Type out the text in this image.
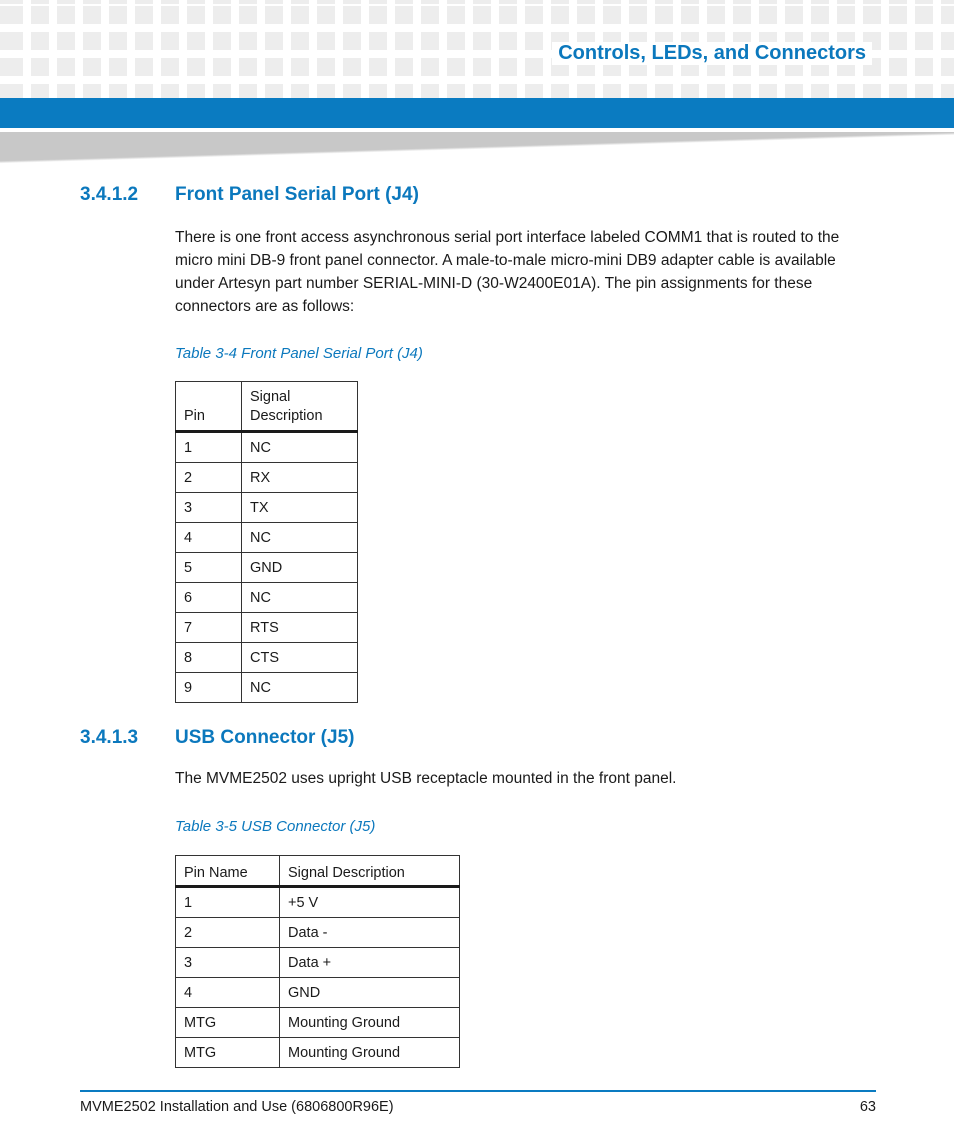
Controls, LEDs, and Connectors
3.4.1.2 Front Panel Serial Port (J4)

There is one front access asynchronous serial port interface labeled COMM1 that is routed to the micro mini DB-9 front panel connector. A male-to-male micro-mini DB9 adapter cable is available under Artesyn part number SERIAL-MINI-D (30-W2400E01A). The pin assignments for these connectors are as follows:

Table 3-4 Front Panel Serial Port (J4)
Pin	Signal Description

1	NC
2	RX
3	TX
4	NC
5	GND
6	NC
7	RTS
8	CTS
9	NC
3.4.1.3 USB Connector (J5)

The MVME2502 uses upright USB receptacle mounted in the front panel.

Table 3-5 USB Connector (J5)
Pin Name	Signal Description
1	+5 V
2	Data -
3	Data +
4	GND
MTG	Mounting Ground
MTG	Mounting Ground
MVME2502 Installation and Use (6806800R96E)	63
